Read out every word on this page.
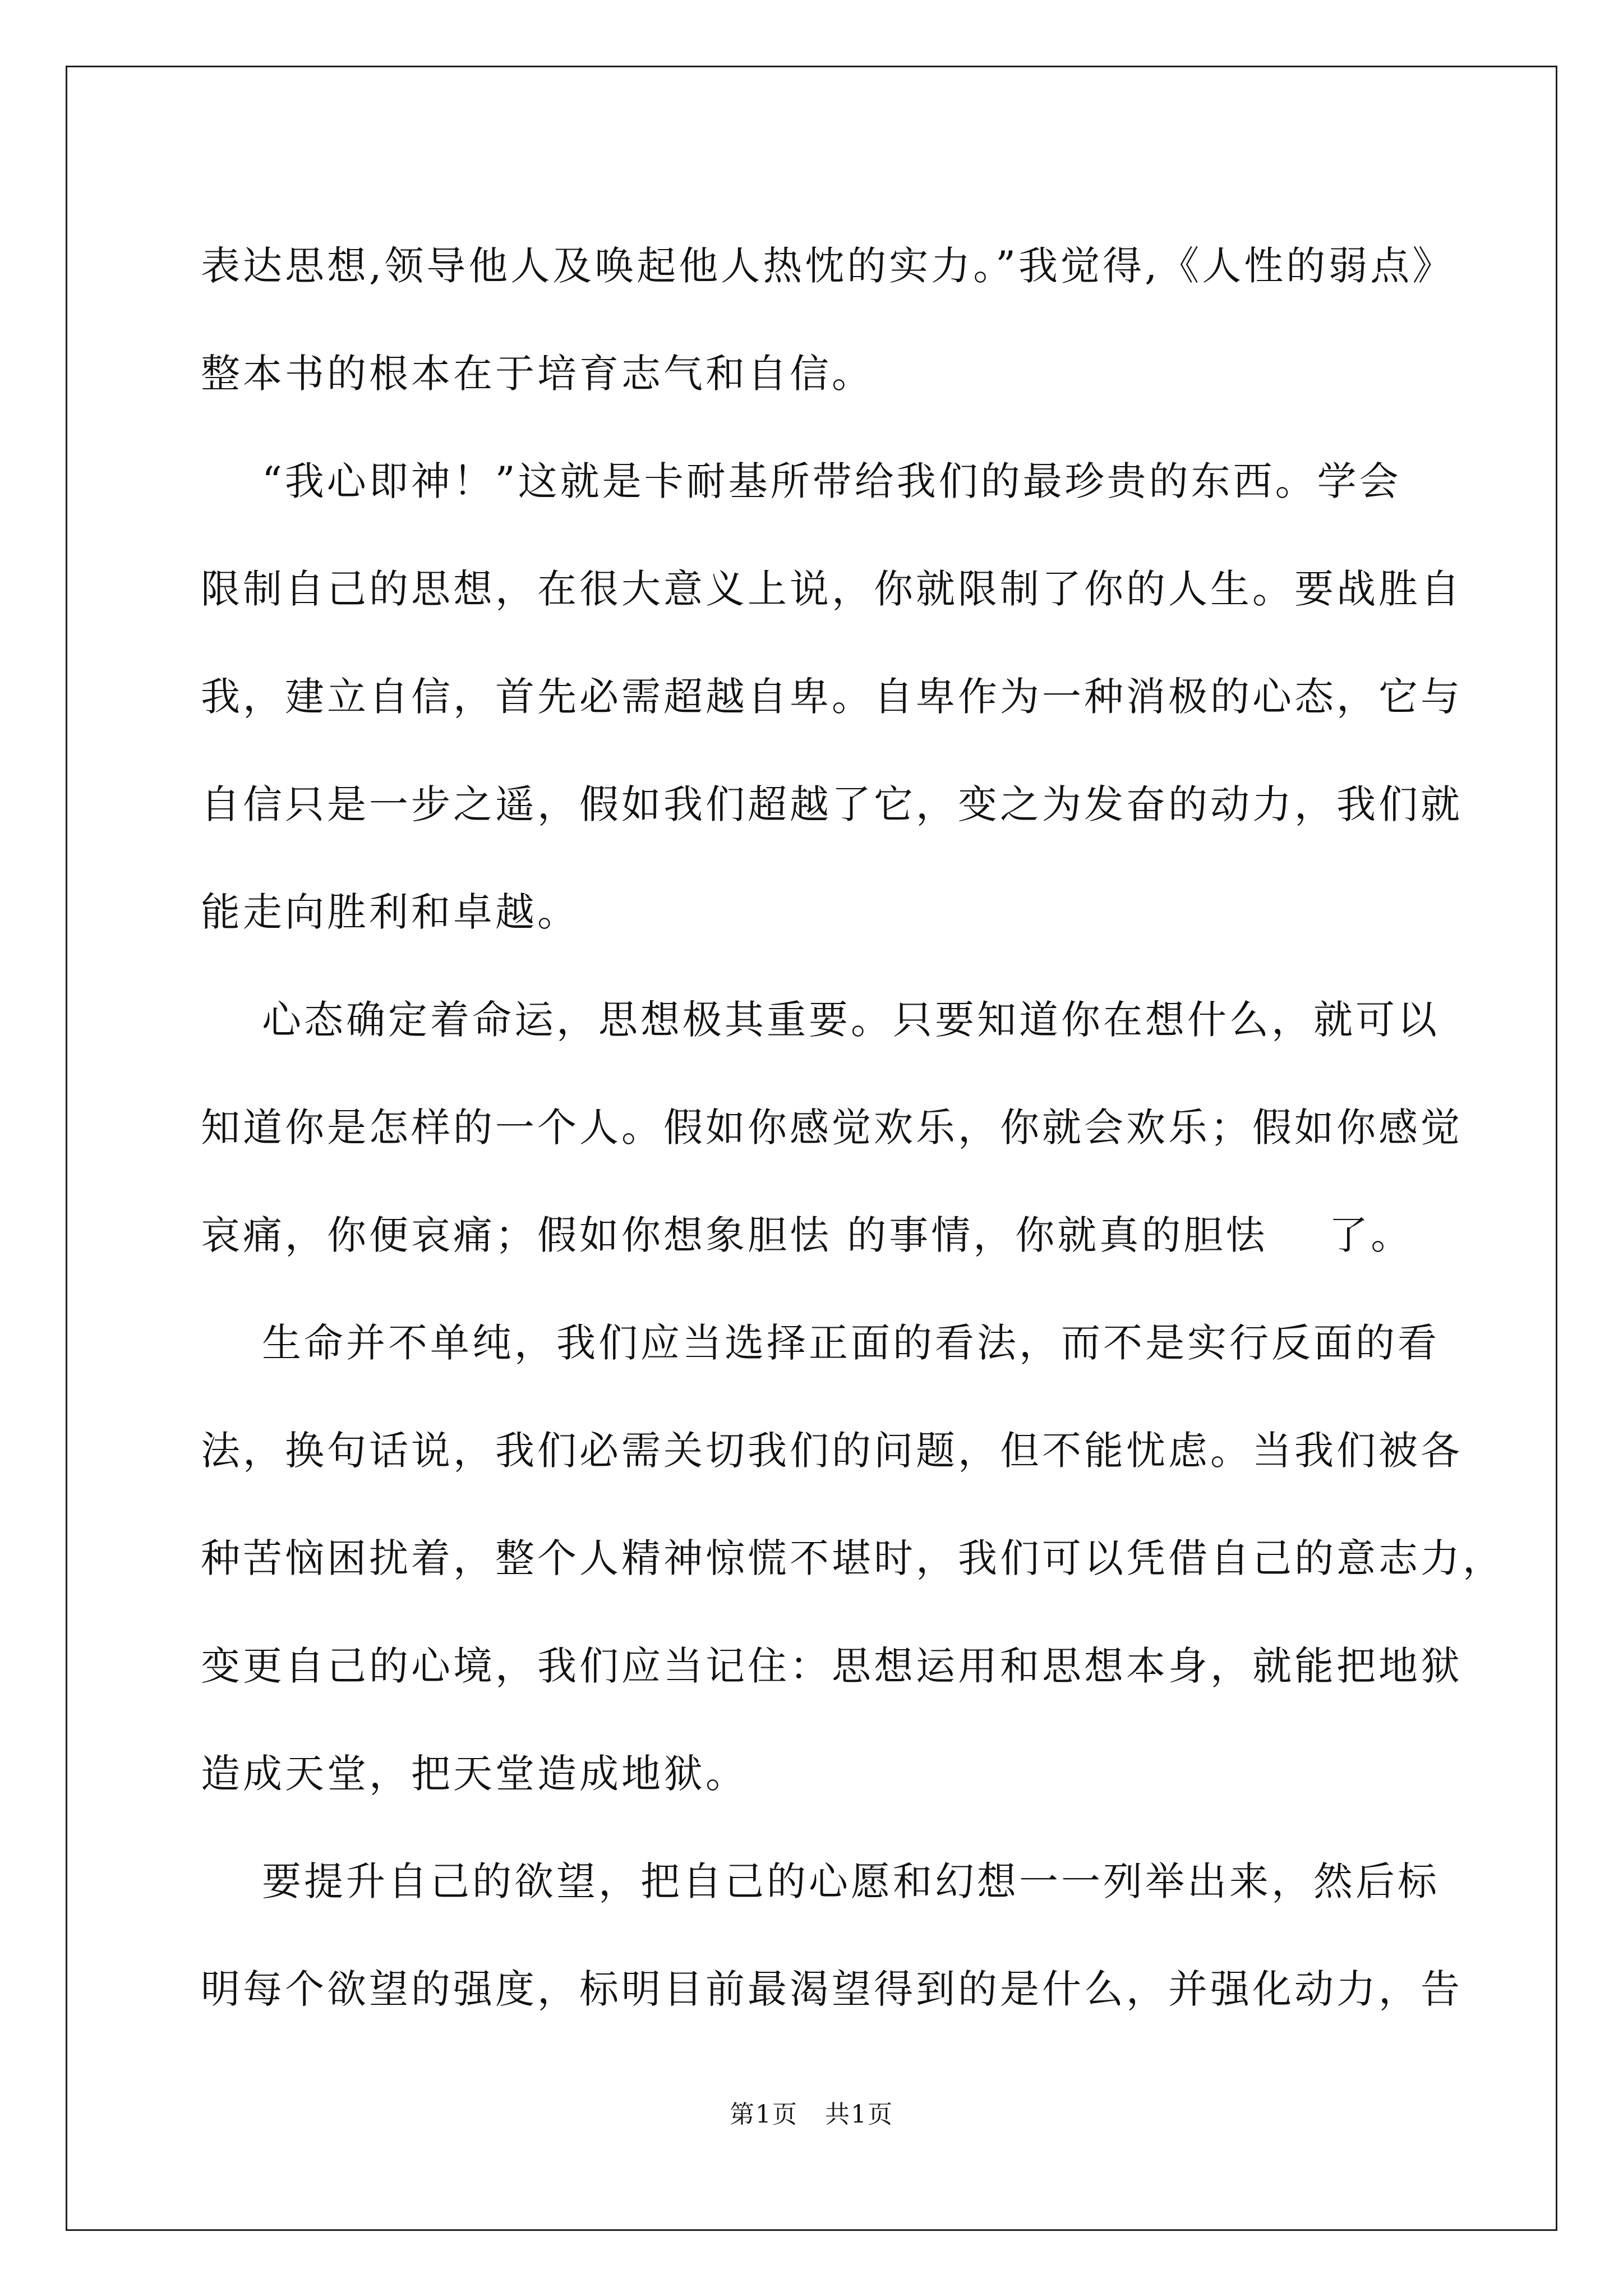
表达思想,领导他人及唤起他人热忱的实力。”我觉得,《人性的弱点》
整本书的根本在于培育志气和自信。
“我心即神！”这就是卡耐基所带给我们的最珍贵的东西。学会
限制自己的思想，在很大意义上说，你就限制了你的人生。要战胜自
我，建立自信，首先必需超越自卑。自卑作为一种消极的心态，它与
自信只是一步之遥，假如我们超越了它，变之为发奋的动力，我们就
能走向胜利和卓越。
心态确定着命运，思想极其重要。只要知道你在想什么，就可以
知道你是怎样的一个人。假如你感觉欢乐，你就会欢乐；假如你感觉
哀痛，你便哀痛；假如你想象胆怯 的事情，你就真的胆怯    了。
生命并不单纯，我们应当选择正面的看法，而不是实行反面的看
法，换句话说，我们必需关切我们的问题，但不能忧虑。当我们被各
种苦恼困扰着，整个人精神惊慌不堪时，我们可以凭借自己的意志力，
变更自己的心境，我们应当记住：思想运用和思想本身，就能把地狱
造成天堂，把天堂造成地狱。
要提升自己的欲望，把自己的心愿和幻想一一列举出来，然后标
明每个欲望的强度，标明目前最渴望得到的是什么，并强化动力，告
第1页 共1页
